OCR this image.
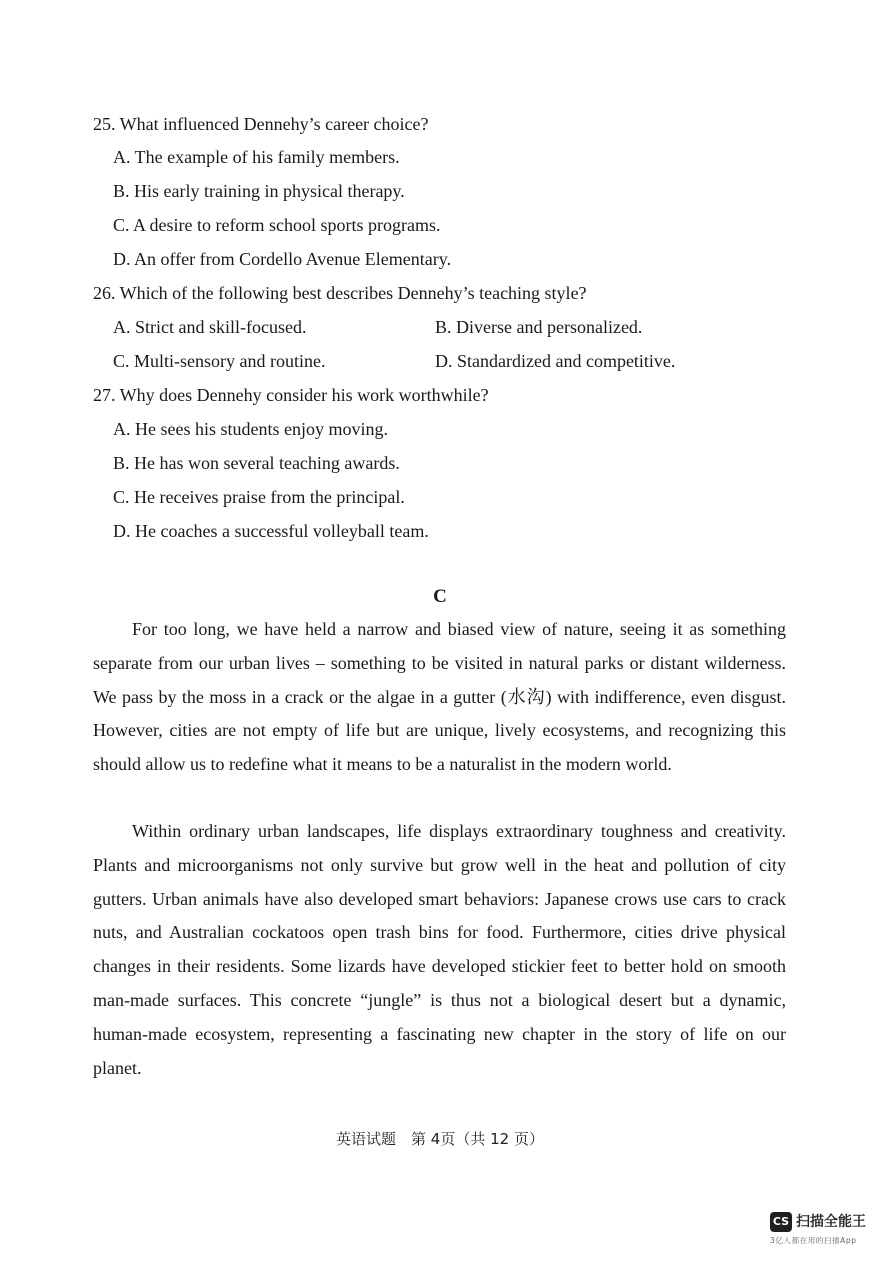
25. What influenced Dennehy’s career choice?
A. The example of his family members.
B. His early training in physical therapy.
C. A desire to reform school sports programs.
D. An offer from Cordello Avenue Elementary.
26. Which of the following best describes Dennehy’s teaching style?
A. Strict and skill-focused.	B. Diverse and personalized.
C. Multi-sensory and routine.	D. Standardized and competitive.
27. Why does Dennehy consider his work worthwhile?
A. He sees his students enjoy moving.
B. He has won several teaching awards.
C. He receives praise from the principal.
D. He coaches a successful volleyball team.
C

For too long, we have held a narrow and biased view of nature, seeing it as something separate from our urban lives – something to be visited in natural parks or distant wilderness. We pass by the moss in a crack or the algae in a gutter (水沟) with indifference, even disgust. However, cities are not empty of life but are unique, lively ecosystems, and recognizing this should allow us to redefine what it means to be a naturalist in the modern world.

Within ordinary urban landscapes, life displays extraordinary toughness and creativity. Plants and microorganisms not only survive but grow well in the heat and pollution of city gutters. Urban animals have also developed smart behaviors: Japanese crows use cars to crack nuts, and Australian cockatoos open trash bins for food. Furthermore, cities drive physical changes in their residents. Some lizards have developed stickier feet to better hold on smooth man-made surfaces. This concrete “jungle” is thus not a biological desert but a dynamic, human-made ecosystem, representing a fascinating new chapter in the story of life on our planet.

英语试题　第 4页（共 12 页）
CS 扫描全能王
3亿人都在用的扫描App
